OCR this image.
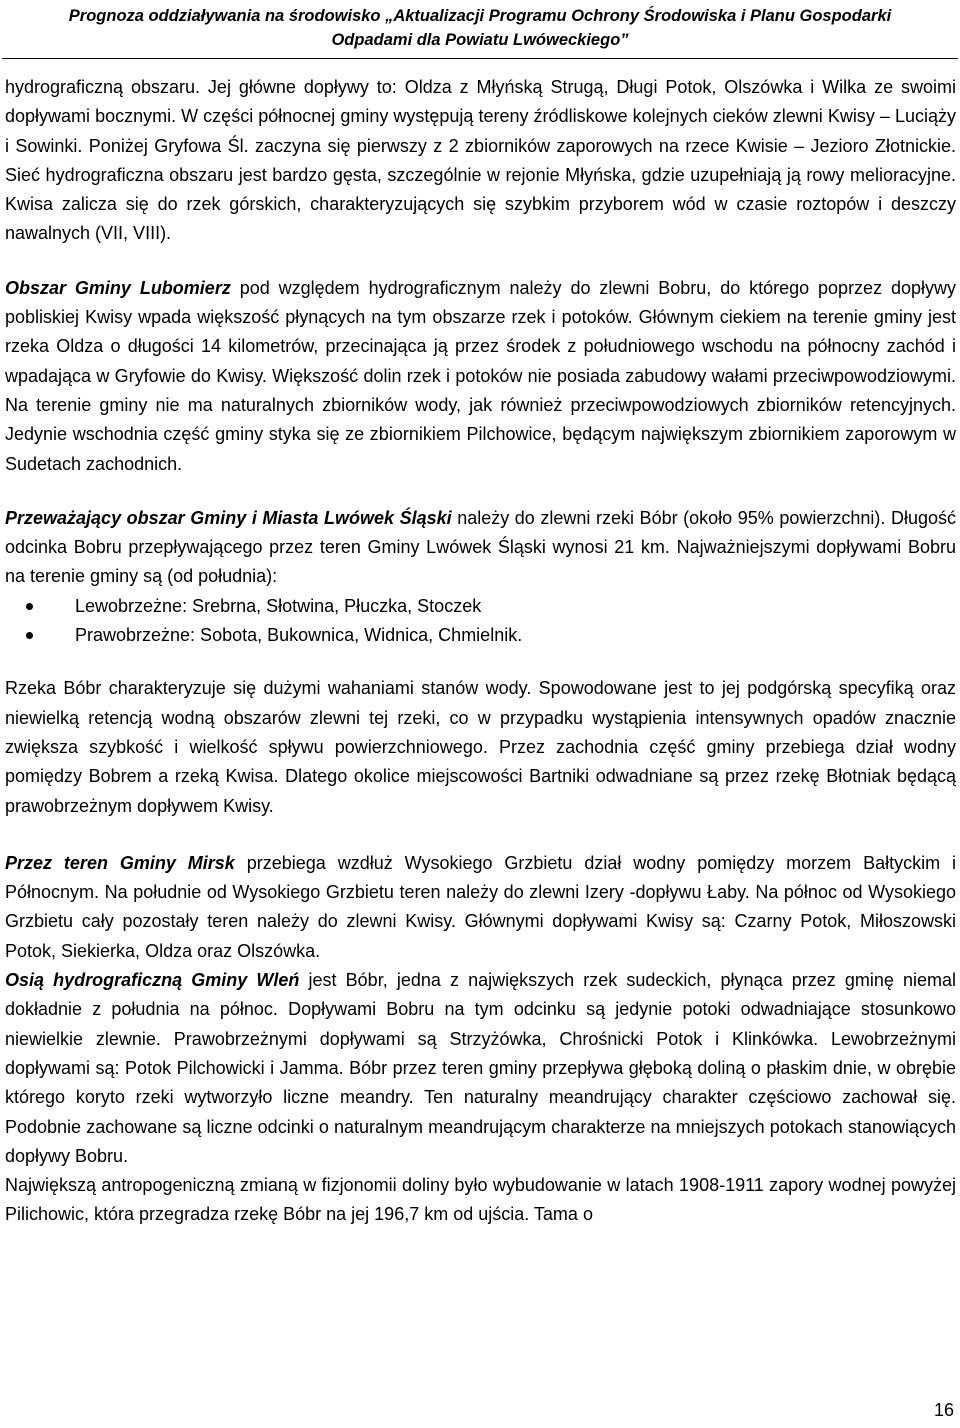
Prognoza oddziaływania na środowisko „Aktualizacji Programu Ochrony Środowiska i Planu Gospodarki
Odpadami dla Powiatu Lwóweckiego”

hydrograficzną obszaru. Jej główne dopływy to: Oldza z Młyńską Strugą, Długi Potok, Olszówka i Wilka ze swoimi dopływami bocznymi. W części północnej gminy występują tereny źródliskowe kolejnych cieków zlewni Kwisy – Luciąży i Sowinki. Poniżej Gryfowa Śl. zaczyna się pierwszy z 2 zbiorników zaporowych na rzece Kwisie – Jezioro Złotnickie. Sieć hydrograficzna obszaru jest bardzo gęsta, szczególnie w rejonie Młyńska, gdzie uzupełniają ją rowy melioracyjne. Kwisa zalicza się do rzek górskich, charakteryzujących się szybkim przyborem wód w czasie roztopów i deszczy nawalnych (VII, VIII).

Obszar Gminy Lubomierz pod względem hydrograficznym należy do zlewni Bobru, do którego poprzez dopływy pobliskiej Kwisy wpada większość płynących na tym obszarze rzek i potoków. Głównym ciekiem na terenie gminy jest rzeka Oldza o długości 14 kilometrów, przecinająca ją przez środek z południowego wschodu na północny zachód i wpadająca w Gryfowie do Kwisy. Większość dolin rzek i potoków nie posiada zabudowy wałami przeciwpowodziowymi. Na terenie gminy nie ma naturalnych zbiorników wody, jak również przeciwpowodziowych zbiorników retencyjnych. Jedynie wschodnia część gminy styka się ze zbiornikiem Pilchowice, będącym największym zbiornikiem zaporowym w Sudetach zachodnich.

Przeważający obszar Gminy i Miasta Lwówek Śląski należy do zlewni rzeki Bóbr (około 95% powierzchni). Długość odcinka Bobru przepływającego przez teren Gminy Lwówek Śląski wynosi 21 km. Najważniejszymi dopływami Bobru na terenie gminy są (od południa):

Lewobrzeżne: Srebrna, Słotwina, Płuczka, Stoczek
Prawobrzeżne: Sobota, Bukownica, Widnica, Chmielnik.

Rzeka Bóbr charakteryzuje się dużymi wahaniami stanów wody. Spowodowane jest to jej podgórską specyfiką oraz niewielką retencją wodną obszarów zlewni tej rzeki, co w przypadku wystąpienia intensywnych opadów znacznie zwiększa szybkość i wielkość spływu powierzchniowego. Przez zachodnia część gminy przebiega dział wodny pomiędzy Bobrem a rzeką Kwisa. Dlatego okolice miejscowości Bartniki odwadniane są przez rzekę Błotniak będącą prawobrzeżnym dopływem Kwisy.

Przez teren Gminy Mirsk przebiega wzdłuż Wysokiego Grzbietu dział wodny pomiędzy morzem Bałtyckim i Północnym. Na południe od Wysokiego Grzbietu teren należy do zlewni Izery -dopływu Łaby. Na północ od Wysokiego Grzbietu cały pozostały teren należy do zlewni Kwisy. Głównymi dopływami Kwisy są: Czarny Potok, Miłoszowski Potok, Siekierka, Oldza oraz Olszówka.

Osią hydrograficzną Gminy Wleń jest Bóbr, jedna z największych rzek sudeckich, płynąca przez gminę niemal dokładnie z południa na północ. Dopływami Bobru na tym odcinku są jedynie potoki odwadniające stosunkowo niewielkie zlewnie. Prawobrzeżnymi dopływami są Strzyżówka, Chrośnicki Potok i Klinkówka. Lewobrzeżnymi dopływami są: Potok Pilchowicki i Jamma. Bóbr przez teren gminy przepływa głęboką doliną o płaskim dnie, w obrębie którego koryto rzeki wytworzyło liczne meandry. Ten naturalny meandrujący charakter częściowo zachował się. Podobnie zachowane są liczne odcinki o naturalnym meandrującym charakterze na mniejszych potokach stanowiących dopływy Bobru.

Największą antropogeniczną zmianą w fizjonomii doliny było wybudowanie w latach 1908-1911 zapory wodnej powyżej Pilichowic, która przegradza rzekę Bóbr na jej 196,7 km od ujścia. Tama o

16
